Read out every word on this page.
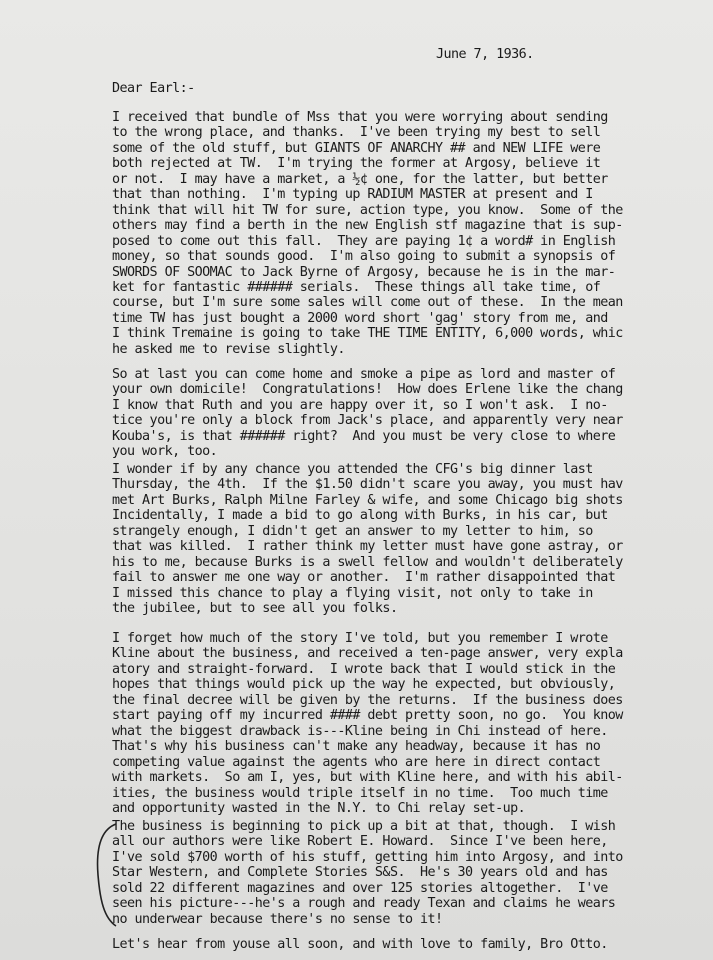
June 7, 1936.
Dear Earl:-
I received that bundle of Mss that you were worrying about sending
to the wrong place, and thanks.  I've been trying my best to sell
some of the old stuff, but GIANTS OF ANARCHY ## and NEW LIFE were
both rejected at TW.  I'm trying the former at Argosy, believe it
or not.  I may have a market, a ½¢ one, for the latter, but better
that than nothing.  I'm typing up RADIUM MASTER at present and I
think that will hit TW for sure, action type, you know.  Some of the
others may find a berth in the new English stf magazine that is sup-
posed to come out this fall.  They are paying 1¢ a word# in English
money, so that sounds good.  I'm also going to submit a synopsis of
SWORDS OF SOOMAC to Jack Byrne of Argosy, because he is in the mar-
ket for fantastic ###### serials.  These things all take time, of
course, but I'm sure some sales will come out of these.  In the mean
time TW has just bought a 2000 word short 'gag' story from me, and
I think Tremaine is going to take THE TIME ENTITY, 6,000 words, whic
he asked me to revise slightly.
So at last you can come home and smoke a pipe as lord and master of
your own domicile!  Congratulations!  How does Erlene like the chang
I know that Ruth and you are happy over it, so I won't ask.  I no-
tice you're only a block from Jack's place, and apparently very near
Kouba's, is that ###### right?  And you must be very close to where
you work, too.
I wonder if by any chance you attended the CFG's big dinner last
Thursday, the 4th.  If the $1.50 didn't scare you away, you must hav
met Art Burks, Ralph Milne Farley & wife, and some Chicago big shots
Incidentally, I made a bid to go along with Burks, in his car, but
strangely enough, I didn't get an answer to my letter to him, so
that was killed.  I rather think my letter must have gone astray, or
his to me, because Burks is a swell fellow and wouldn't deliberately
fail to answer me one way or another.  I'm rather disappointed that
I missed this chance to play a flying visit, not only to take in
the jubilee, but to see all you folks.
I forget how much of the story I've told, but you remember I wrote
Kline about the business, and received a ten-page answer, very expla
atory and straight-forward.  I wrote back that I would stick in the
hopes that things would pick up the way he expected, but obviously,
the final decree will be given by the returns.  If the business does
start paying off my incurred #### debt pretty soon, no go.  You know
what the biggest drawback is---Kline being in Chi instead of here.
That's why his business can't make any headway, because it has no
competing value against the agents who are here in direct contact
with markets.  So am I, yes, but with Kline here, and with his abil-
ities, the business would triple itself in no time.  Too much time
and opportunity wasted in the N.Y. to Chi relay set-up.
The business is beginning to pick up a bit at that, though.  I wish
all our authors were like Robert E. Howard.  Since I've been here,
I've sold $700 worth of his stuff, getting him into Argosy, and into
Star Western, and Complete Stories S&S.  He's 30 years old and has
sold 22 different magazines and over 125 stories altogether.  I've
seen his picture---he's a rough and ready Texan and claims he wears
no underwear because there's no sense to it!
Let's hear from youse all soon, and with love to family, Bro Otto.
